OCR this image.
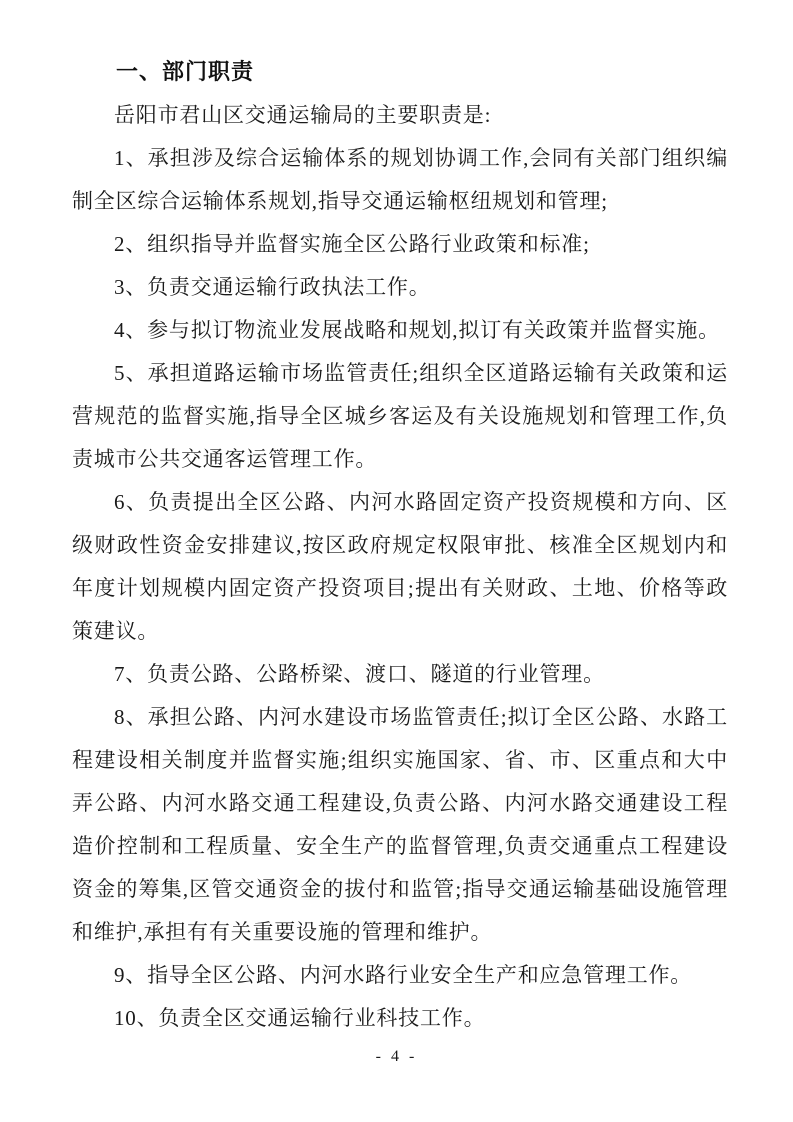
一、部门职责

岳阳市君山区交通运输局的主要职责是:

1、承担涉及综合运输体系的规划协调工作,会同有关部门组织编制全区综合运输体系规划,指导交通运输枢纽规划和管理;

2、组织指导并监督实施全区公路行业政策和标准;

3、负责交通运输行政执法工作。

4、参与拟订物流业发展战略和规划,拟订有关政策并监督实施。

5、承担道路运输市场监管责任;组织全区道路运输有关政策和运营规范的监督实施,指导全区城乡客运及有关设施规划和管理工作,负责城市公共交通客运管理工作。

6、负责提出全区公路、内河水路固定资产投资规模和方向、区级财政性资金安排建议,按区政府规定权限审批、核准全区规划内和年度计划规模内固定资产投资项目;提出有关财政、土地、价格等政策建议。

7、负责公路、公路桥梁、渡口、隧道的行业管理。

8、承担公路、内河水建设市场监管责任;拟订全区公路、水路工程建设相关制度并监督实施;组织实施国家、省、市、区重点和大中弄公路、内河水路交通工程建设,负责公路、内河水路交通建设工程造价控制和工程质量、安全生产的监督管理,负责交通重点工程建设资金的筹集,区管交通资金的拔付和监管;指导交通运输基础设施管理和维护,承担有有关重要设施的管理和维护。

9、指导全区公路、内河水路行业安全生产和应急管理工作。

10、负责全区交通运输行业科技工作。

- 4 -
